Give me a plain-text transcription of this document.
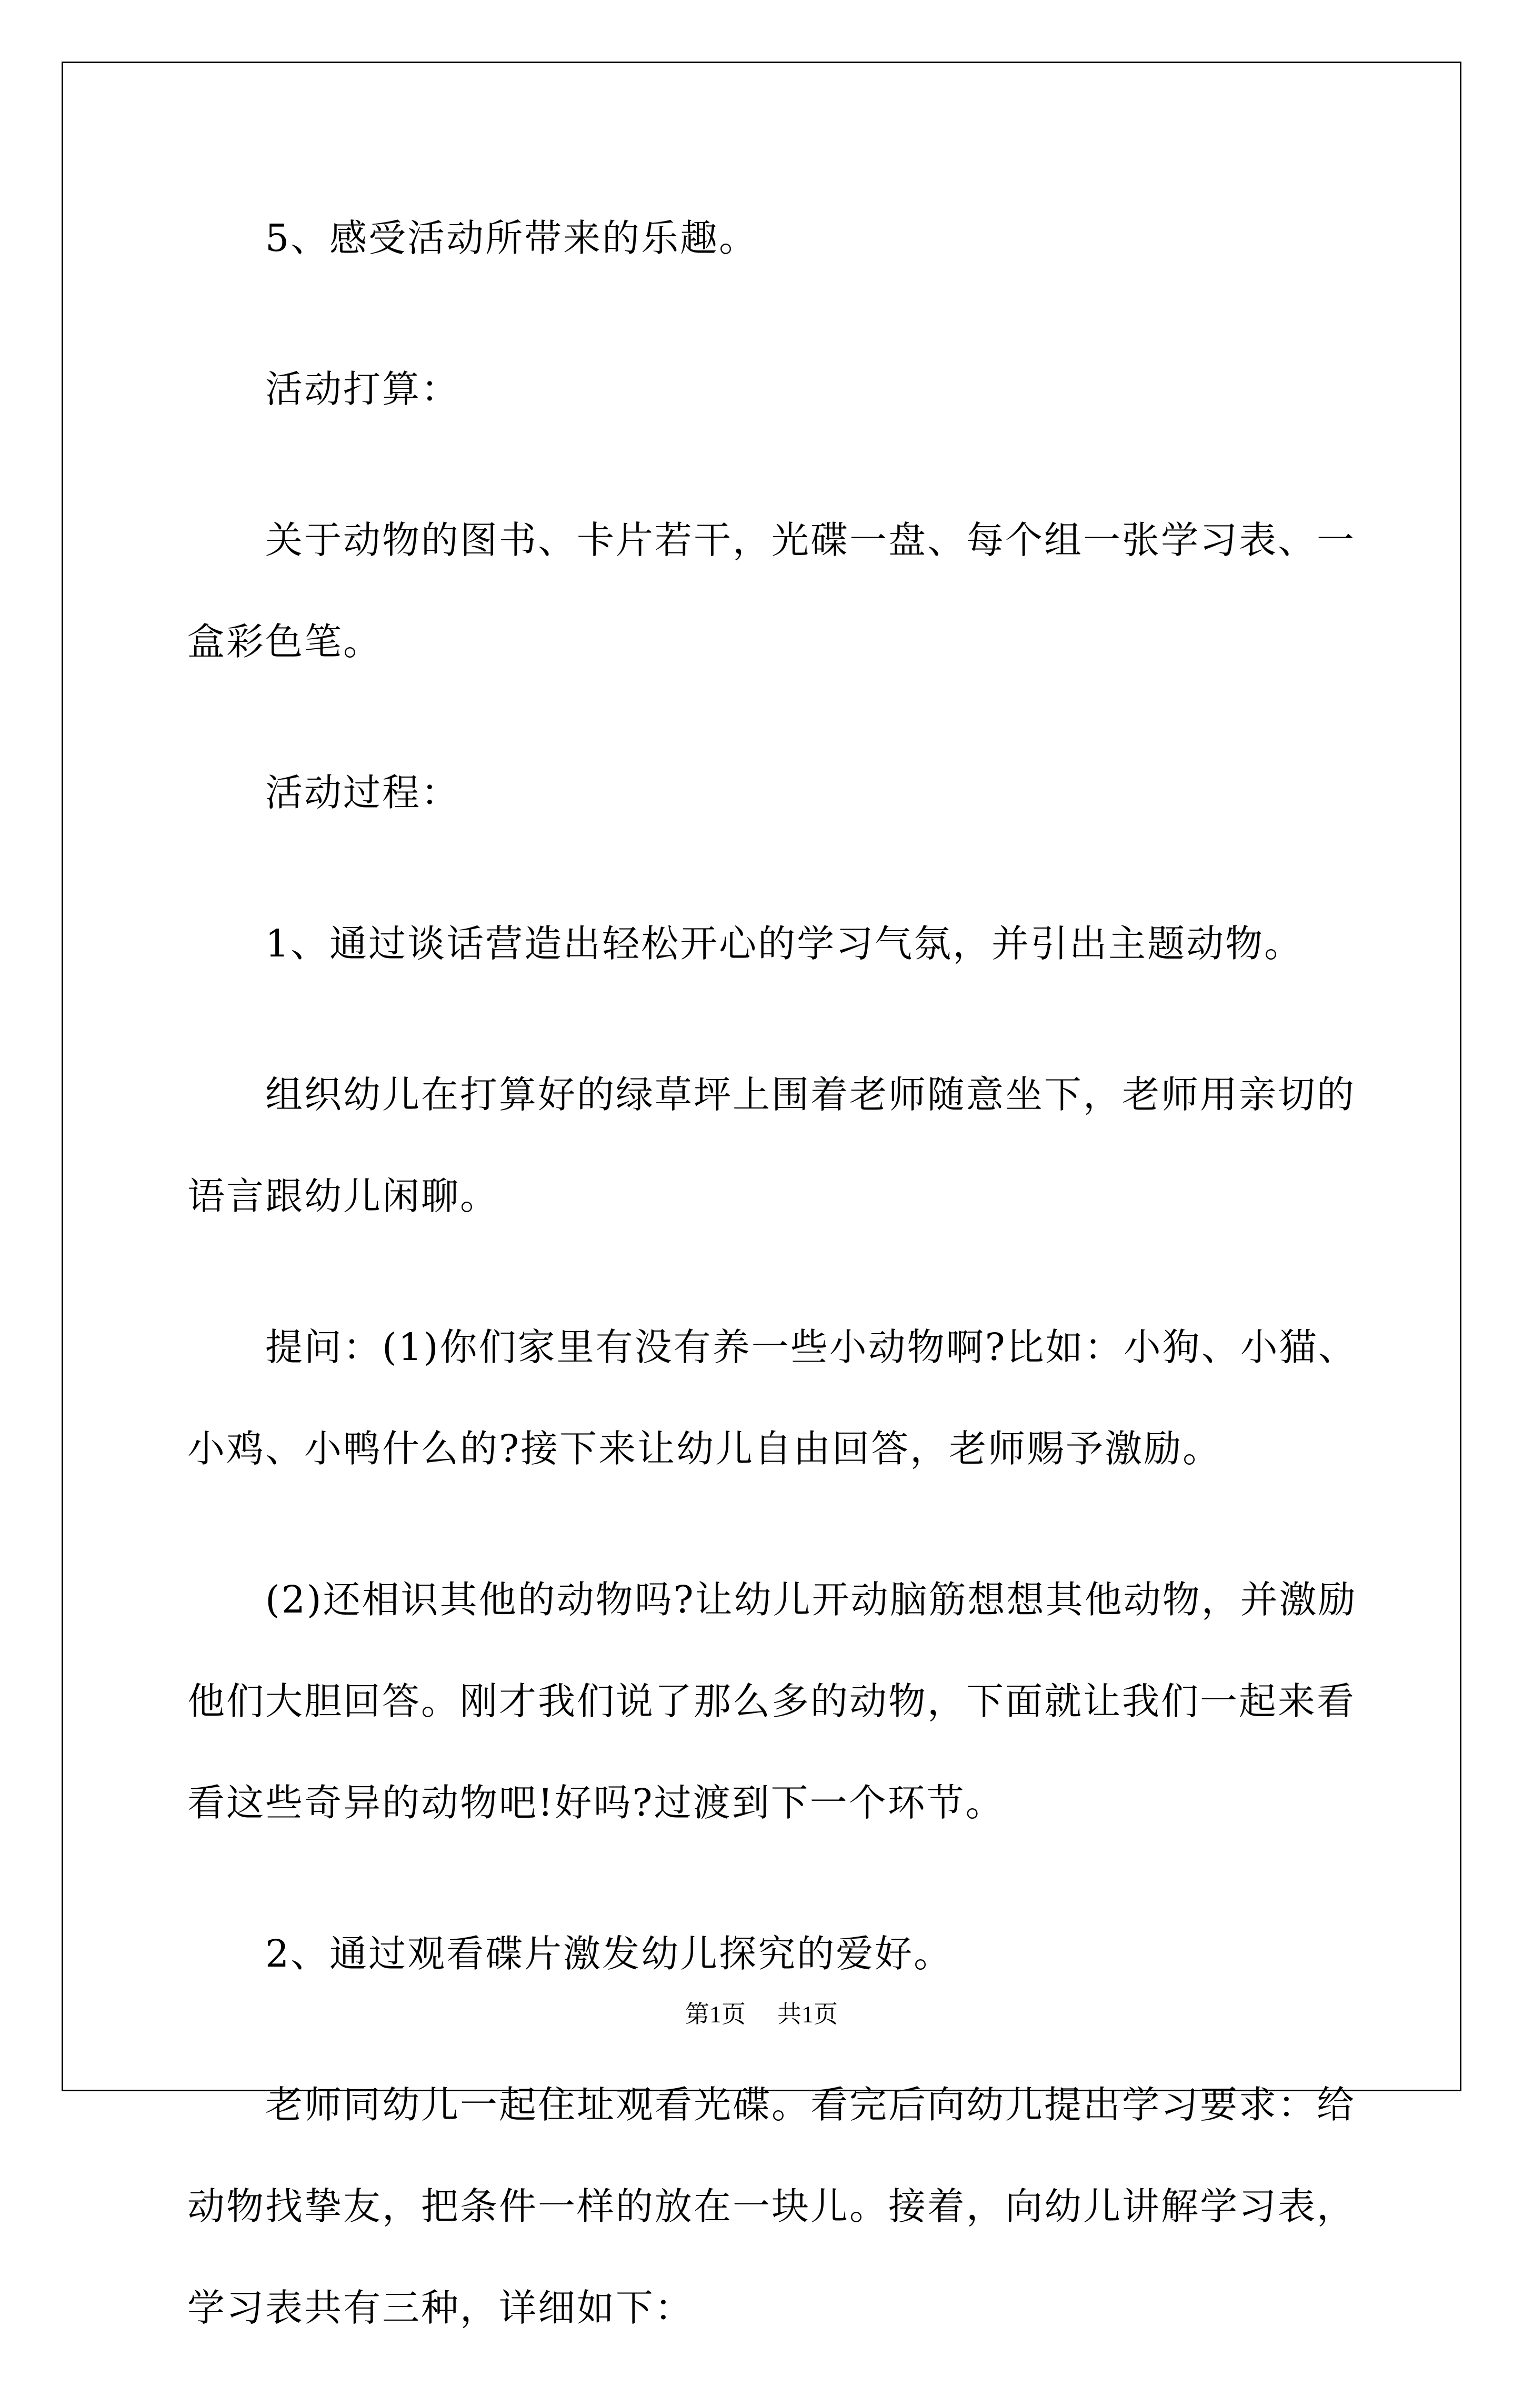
5、感受活动所带来的乐趣。
活动打算：
关于动物的图书、卡片若干，光碟一盘、每个组一张学习表、一
盒彩色笔。
活动过程：
1、通过谈话营造出轻松开心的学习气氛，并引出主题动物。
组织幼儿在打算好的绿草坪上围着老师随意坐下，老师用亲切的
语言跟幼儿闲聊。
提问：(1)你们家里有没有养一些小动物啊?比如：小狗、小猫、
小鸡、小鸭什么的?接下来让幼儿自由回答，老师赐予激励。
(2)还相识其他的动物吗?让幼儿开动脑筋想想其他动物，并激励
他们大胆回答。刚才我们说了那么多的动物，下面就让我们一起来看
看这些奇异的动物吧!好吗?过渡到下一个环节。
2、通过观看碟片激发幼儿探究的爱好。
老师同幼儿一起住址观看光碟。看完后向幼儿提出学习要求：给
动物找挚友，把条件一样的放在一块儿。接着，向幼儿讲解学习表，
学习表共有三种，详细如下：
第1页 共1页
